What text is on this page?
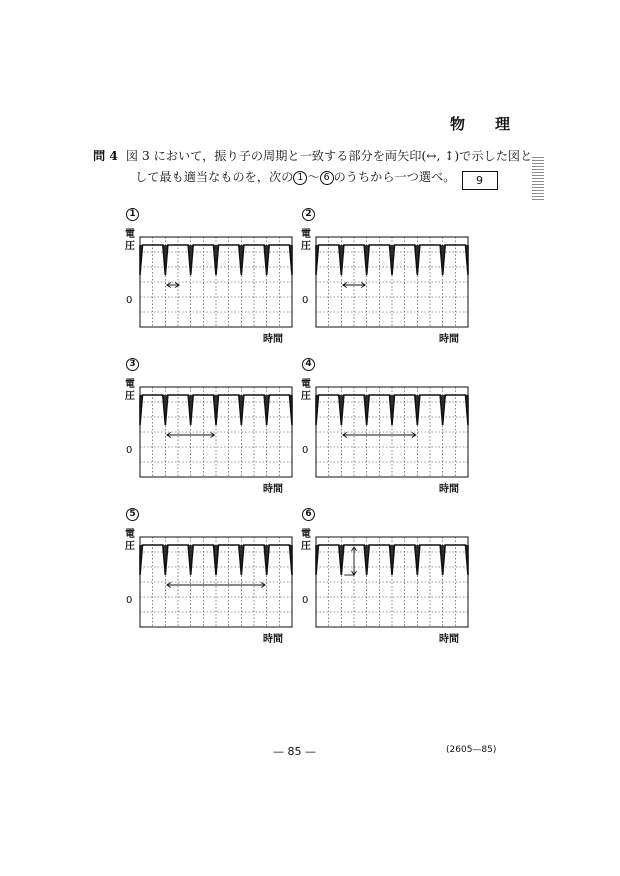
物　理
問 4 図 3 において，振り子の周期と一致する部分を両矢印(↔, ↕)で示した図と
して最も適当なものを，次の 1 〜 6 のうちから一つ選べ。 9
1
電圧
0
時間
2
電圧
0
時間
3
電圧
0
時間
4
電圧
0
時間
5
電圧
0
時間
6
電圧
0
時間
— 85 —	(2605—85)
